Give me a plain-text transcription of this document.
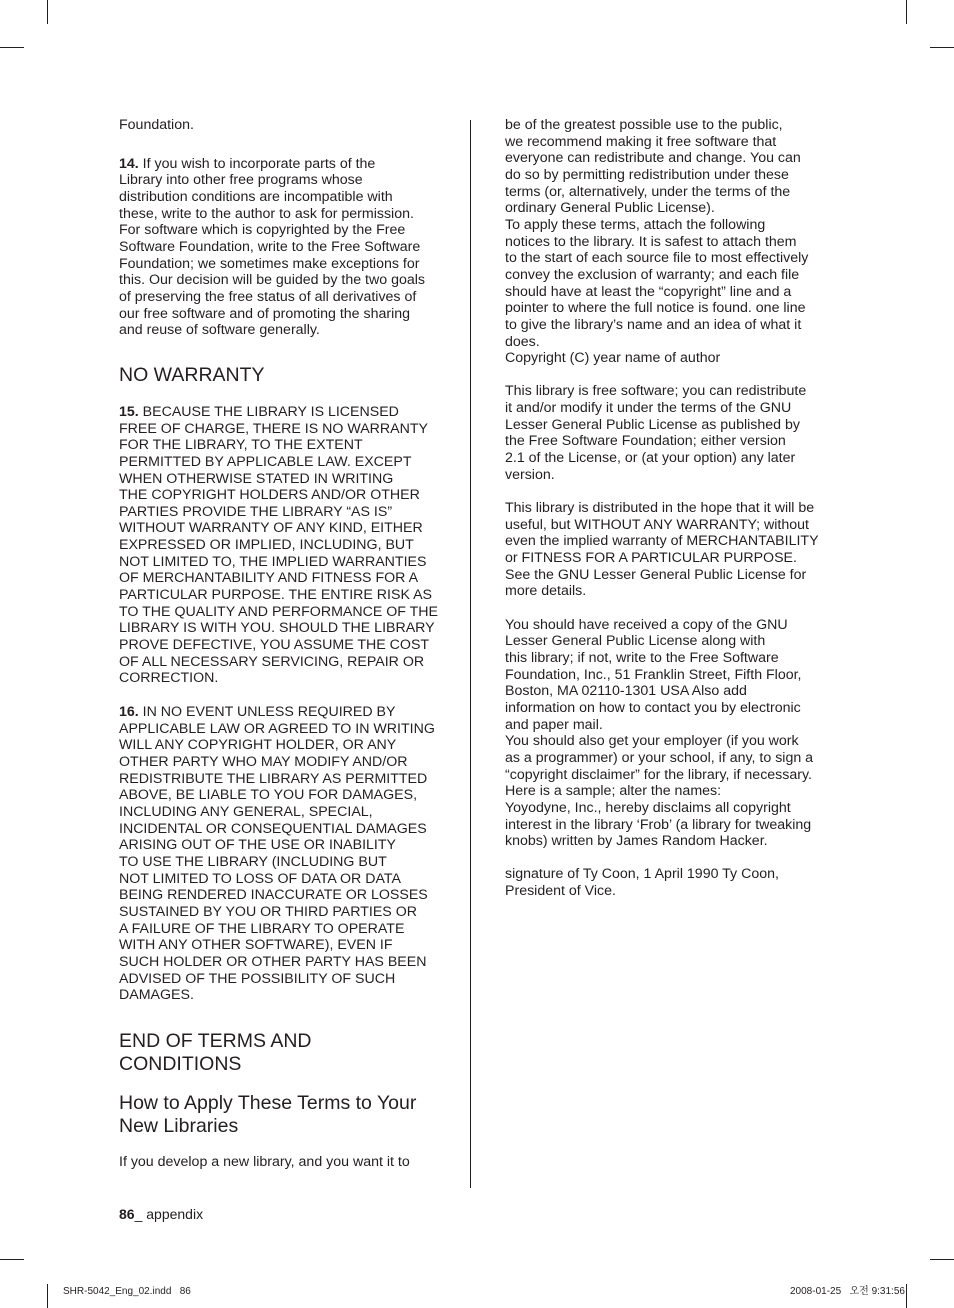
Foundation.

14. If you wish to incorporate parts of the
Library into other free programs whose
distribution conditions are incompatible with
these, write to the author to ask for permission.
For software which is copyrighted by the Free
Software Foundation, write to the Free Software
Foundation; we sometimes make exceptions for
this. Our decision will be guided by the two goals
of preserving the free status of all derivatives of
our free software and of promoting the sharing
and reuse of software generally.

NO WARRANTY

15. BECAUSE THE LIBRARY IS LICENSED
FREE OF CHARGE, THERE IS NO WARRANTY
FOR THE LIBRARY, TO THE EXTENT
PERMITTED BY APPLICABLE LAW. EXCEPT
WHEN OTHERWISE STATED IN WRITING
THE COPYRIGHT HOLDERS AND/OR OTHER
PARTIES PROVIDE THE LIBRARY “AS IS”
WITHOUT WARRANTY OF ANY KIND, EITHER
EXPRESSED OR IMPLIED, INCLUDING, BUT
NOT LIMITED TO, THE IMPLIED WARRANTIES
OF MERCHANTABILITY AND FITNESS FOR A
PARTICULAR PURPOSE. THE ENTIRE RISK AS
TO THE QUALITY AND PERFORMANCE OF THE
LIBRARY IS WITH YOU. SHOULD THE LIBRARY
PROVE DEFECTIVE, YOU ASSUME THE COST
OF ALL NECESSARY SERVICING, REPAIR OR
CORRECTION.

16. IN NO EVENT UNLESS REQUIRED BY
APPLICABLE LAW OR AGREED TO IN WRITING
WILL ANY COPYRIGHT HOLDER, OR ANY
OTHER PARTY WHO MAY MODIFY AND/OR
REDISTRIBUTE THE LIBRARY AS PERMITTED
ABOVE, BE LIABLE TO YOU FOR DAMAGES,
INCLUDING ANY GENERAL, SPECIAL,
INCIDENTAL OR CONSEQUENTIAL DAMAGES
ARISING OUT OF THE USE OR INABILITY
TO USE THE LIBRARY (INCLUDING BUT
NOT LIMITED TO LOSS OF DATA OR DATA
BEING RENDERED INACCURATE OR LOSSES
SUSTAINED BY YOU OR THIRD PARTIES OR
A FAILURE OF THE LIBRARY TO OPERATE
WITH ANY OTHER SOFTWARE), EVEN IF
SUCH HOLDER OR OTHER PARTY HAS BEEN
ADVISED OF THE POSSIBILITY OF SUCH
DAMAGES.

END OF TERMS AND
CONDITIONS
How to Apply These Terms to Your
New Libraries

If you develop a new library, and you want it to

be of the greatest possible use to the public,
we recommend making it free software that
everyone can redistribute and change. You can
do so by permitting redistribution under these
terms (or, alternatively, under the terms of the
ordinary General Public License).
To apply these terms, attach the following
notices to the library. It is safest to attach them
to the start of each source file to most effectively
convey the exclusion of warranty; and each file
should have at least the “copyright” line and a
pointer to where the full notice is found. one line
to give the library’s name and an idea of what it
does.
Copyright (C) year name of author

This library is free software; you can redistribute
it and/or modify it under the terms of the GNU
Lesser General Public License as published by
the Free Software Foundation; either version
2.1 of the License, or (at your option) any later
version.

This library is distributed in the hope that it will be
useful, but WITHOUT ANY WARRANTY; without
even the implied warranty of MERCHANTABILITY
or FITNESS FOR A PARTICULAR PURPOSE.
See the GNU Lesser General Public License for
more details.

You should have received a copy of the GNU
Lesser General Public License along with
this library; if not, write to the Free Software
Foundation, Inc., 51 Franklin Street, Fifth Floor,
Boston, MA 02110-1301 USA Also add
information on how to contact you by electronic
and paper mail.
You should also get your employer (if you work
as a programmer) or your school, if any, to sign a
“copyright disclaimer” for the library, if necessary.
Here is a sample; alter the names:
Yoyodyne, Inc., hereby disclaims all copyright
interest in the library ‘Frob’ (a library for tweaking
knobs) written by James Random Hacker.

signature of Ty Coon, 1 April 1990 Ty Coon,
President of Vice.

86_ appendix
SHR-5042_Eng_02.indd   86	2008-01-25   오전 9:31:56
